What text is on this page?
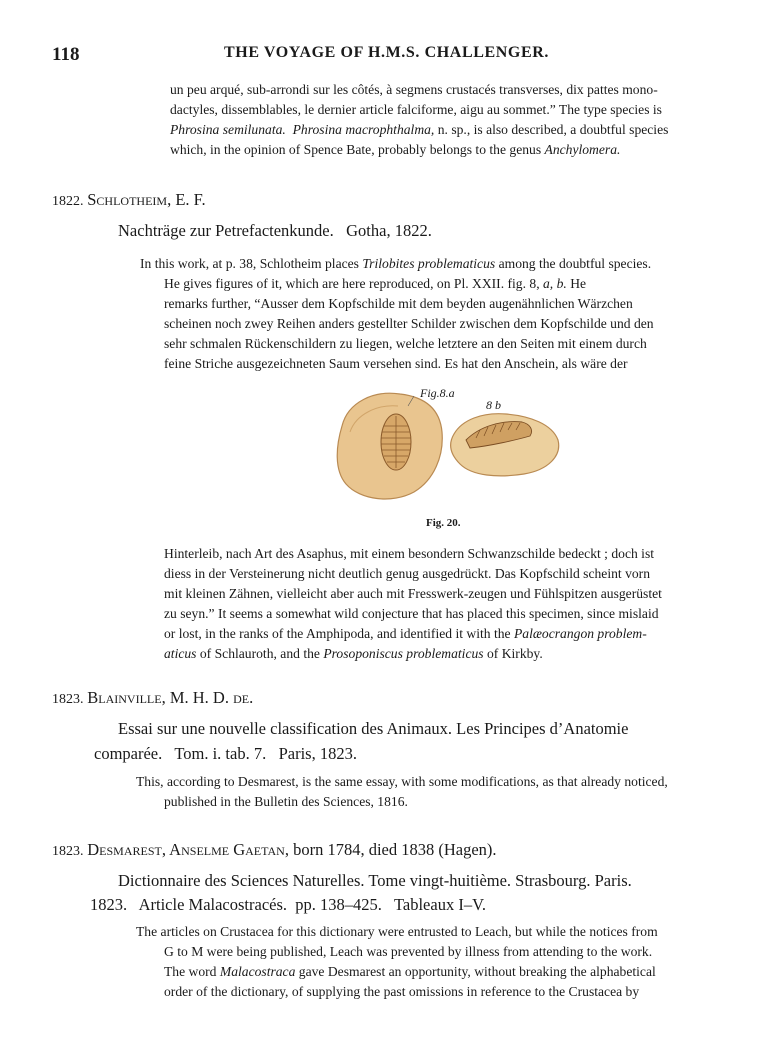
118	THE VOYAGE OF H.M.S. CHALLENGER.
un peu arqué, sub-arrondi sur les côtés, à segmens crustacés transverses, dix pattes mono-
dactyles, dissemblables, le dernier article falciforme, aigu au sommet.” The type species is
Phrosina semilunata. Phrosina macrophthalma, n. sp., is also described, a doubtful species
which, in the opinion of Spence Bate, probably belongs to the genus Anchylomera.
1822. Schlotheim, E. F.
Nachträge zur Petrefactenkunde.   Gotha, 1822.
In this work, at p. 38, Schlotheim places Trilobites problematicus among the doubtful species.
He gives figures of it, which are here reproduced, on Pl. XXII. fig. 8, a, b. He
remarks further, “Ausser dem Kopfschilde mit dem beyden augenähnlichen Wärzchen
scheinen noch zwey Reihen anders gestellter Schilder zwischen dem Kopfschilde und den
sehr schmalen Rückenschildern zu liegen, welche letztere an den Seiten mit einem durch
feine Striche ausgezeichneten Saum versehen sind. Es hat den Anschein, als wäre der
Fig.8.a
8 b
Fig. 20.
Hinterleib, nach Art des Asaphus, mit einem besondern Schwanzschilde bedeckt ; doch ist
diess in der Versteinerung nicht deutlich genug ausgedrückt. Das Kopfschild scheint vorn
mit kleinen Zähnen, vielleicht aber auch mit Fresswerk-zeugen und Fühlspitzen ausgerüstet
zu seyn.” It seems a somewhat wild conjecture that has placed this specimen, since mislaid
or lost, in the ranks of the Amphipoda, and identified it with the Palæocrangon problem-
aticus of Schlauroth, and the Prosoponiscus problematicus of Kirkby.
1823. Blainville, M. H. D. de.
Essai sur une nouvelle classification des Animaux. Les Principes d’Anatomie
comparée.   Tom. i. tab. 7.   Paris, 1823.
This, according to Desmarest, is the same essay, with some modifications, as that already noticed,
published in the Bulletin des Sciences, 1816.
1823. Desmarest, Anselme Gaetan, born 1784, died 1838 (Hagen).
Dictionnaire des Sciences Naturelles. Tome vingt-huitième. Strasbourg. Paris.
1823.   Article Malacostracés.  pp. 138–425.   Tableaux I–V.
The articles on Crustacea for this dictionary were entrusted to Leach, but while the notices from
G to M were being published, Leach was prevented by illness from attending to the work.
The word Malacostraca gave Desmarest an opportunity, without breaking the alphabetical
order of the dictionary, of supplying the past omissions in reference to the Crustacea by
